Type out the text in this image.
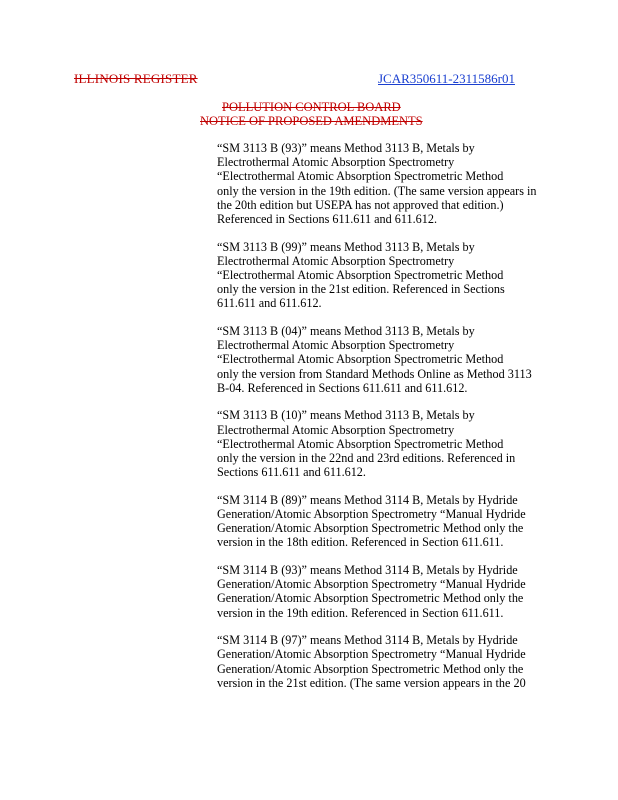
ILLINOIS REGISTER	JCAR350611-2311586r01
POLLUTION CONTROL BOARD
NOTICE OF PROPOSED AMENDMENTS
“SM 3113 B (93)” means Method 3113 B, Metals by
Electrothermal Atomic Absorption Spectrometry
“Electrothermal Atomic Absorption Spectrometric Method
only the version in the 19th edition. (The same version appears in
the 20th edition but USEPA has not approved that edition.)
Referenced in Sections 611.611 and 611.612.
“SM 3113 B (99)” means Method 3113 B, Metals by
Electrothermal Atomic Absorption Spectrometry
“Electrothermal Atomic Absorption Spectrometric Method
only the version in the 21st edition. Referenced in Sections
611.611 and 611.612.
“SM 3113 B (04)” means Method 3113 B, Metals by
Electrothermal Atomic Absorption Spectrometry
“Electrothermal Atomic Absorption Spectrometric Method
only the version from Standard Methods Online as Method 3113
B-04. Referenced in Sections 611.611 and 611.612.
“SM 3113 B (10)” means Method 3113 B, Metals by
Electrothermal Atomic Absorption Spectrometry
“Electrothermal Atomic Absorption Spectrometric Method
only the version in the 22nd and 23rd editions. Referenced in
Sections 611.611 and 611.612.
“SM 3114 B (89)” means Method 3114 B, Metals by Hydride
Generation/Atomic Absorption Spectrometry “Manual Hydride
Generation/Atomic Absorption Spectrometric Method only the
version in the 18th edition. Referenced in Section 611.611.
“SM 3114 B (93)” means Method 3114 B, Metals by Hydride
Generation/Atomic Absorption Spectrometry “Manual Hydride
Generation/Atomic Absorption Spectrometric Method only the
version in the 19th edition. Referenced in Section 611.611.
“SM 3114 B (97)” means Method 3114 B, Metals by Hydride
Generation/Atomic Absorption Spectrometry “Manual Hydride
Generation/Atomic Absorption Spectrometric Method only the
version in the 21st edition. (The same version appears in the 20
